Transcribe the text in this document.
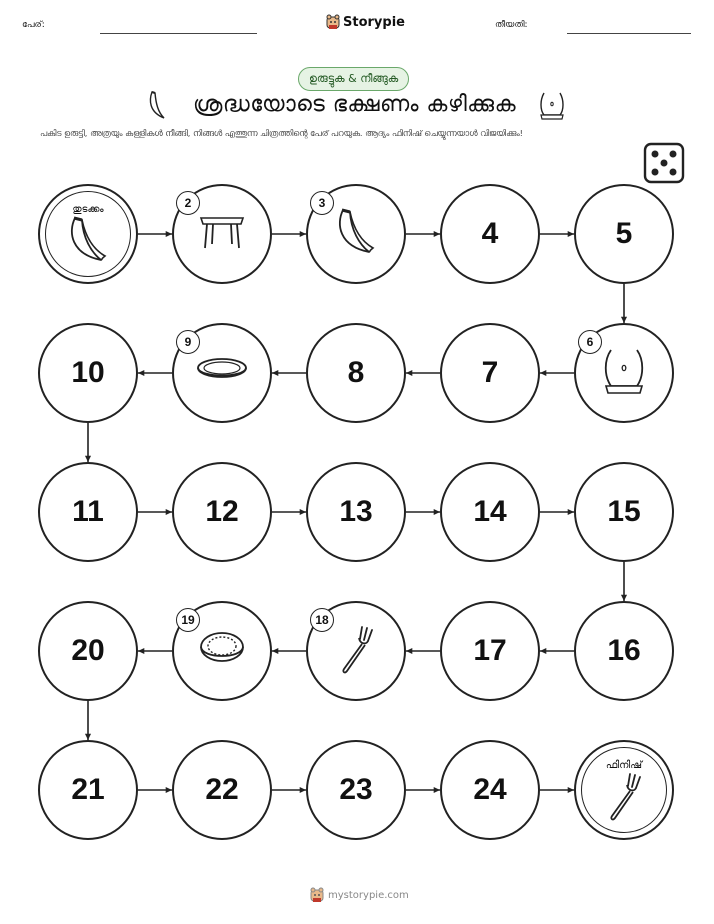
പേര്:	Storypie	തീയതി:
ഉരുട്ടുക & നീങ്ങുക
ശ്രദ്ധയോടെ ഭക്ഷണം കഴിക്കുക
പകിട ഉരുട്ടി, അത്രയും കള്ളികൾ നീങ്ങി, നിങ്ങൾ എത്തുന്ന ചിത്രത്തിന്റെ പേര് പറയുക. ആദ്യം ഫിനിഷ് ചെയ്യുന്നയാൾ വിജയിക്കും!
തുടക്കം	2	3
4	5
6
7
8
9
10
11	12	13	14	15
16
17
18
19
20
21	22	23	24
ഫിനിഷ്
mystorypie.com
